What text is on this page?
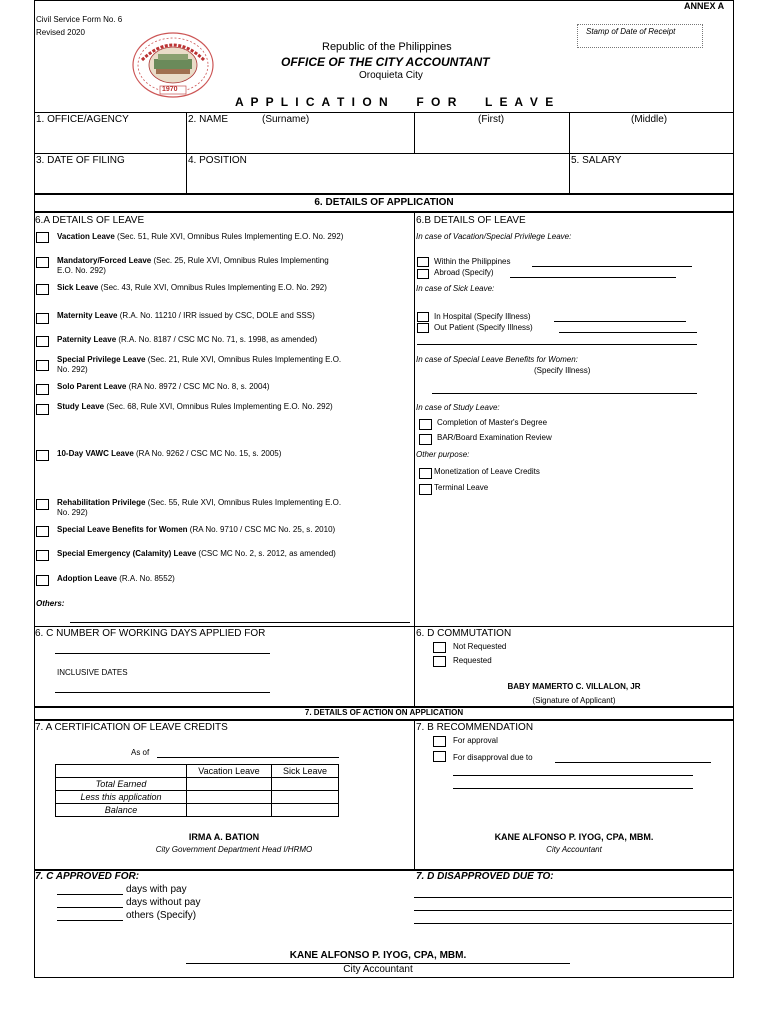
ANNEX A
Civil Service Form No. 6
Revised 2020	Stamp of Date of Receipt
1970
Republic of the Philippines
OFFICE OF THE CITY ACCOUNTANT
Oroquieta City
A P P L I C A T I O N     F O R     L E A V E
1. OFFICE/AGENCY	2. NAME	(Surname)	(First)	(Middle)
3. DATE OF FILING	4. POSITION	5. SALARY
6. DETAILS OF APPLICATION
6.A DETAILS OF LEAVE	6.B DETAILS OF LEAVE
Vacation Leave (Sec. 51, Rule XVI, Omnibus Rules Implementing E.O. No. 292)
Mandatory/Forced Leave (Sec. 25, Rule XVI, Omnibus Rules Implementing
E.O. No. 292)
Sick Leave (Sec. 43, Rule XVI, Omnibus Rules Implementing E.O. No. 292)
Maternity Leave (R.A. No. 11210 / IRR issued by CSC, DOLE and SSS)
Paternity Leave (R.A. No. 8187 / CSC MC No. 71, s. 1998, as amended)
Special Privilege Leave (Sec. 21, Rule XVI, Omnibus Rules Implementing E.O.
No. 292)
Solo Parent Leave (RA No. 8972 / CSC MC No. 8, s. 2004)
Study Leave (Sec. 68, Rule XVI, Omnibus Rules Implementing E.O. No. 292)
10-Day VAWC Leave (RA No. 9262 / CSC MC No. 15, s. 2005)
Rehabilitation Privilege (Sec. 55, Rule XVI, Omnibus Rules Implementing E.O.
No. 292)
Special Leave Benefits for Women (RA No. 9710 / CSC MC No. 25, s. 2010)
Special Emergency (Calamity) Leave (CSC MC No. 2, s. 2012, as amended)
Adoption Leave (R.A. No. 8552)
Others:
In case of Vacation/Special Privilege Leave:
Within the Philippines
Abroad (Specify)
In case of Sick Leave:
In Hospital (Specify Illness)
Out Patient (Specify Illness)
In case of Special Leave Benefits for Women:
(Specify Illness)
In case of Study Leave:
Completion of Master's Degree
BAR/Board Examination Review
Other purpose:
Monetization of Leave Credits
Terminal Leave
6. C NUMBER OF WORKING DAYS APPLIED FOR
INCLUSIVE DATES
6. D COMMUTATION
Not Requested
Requested
BABY MAMERTO C. VILLALON, JR
(Signature of Applicant)
7. DETAILS OF ACTION ON APPLICATION
7. A CERTIFICATION OF LEAVE CREDITS
As of
	Vacation Leave	Sick Leave
Total Earned		
Less this application		
Balance		
IRMA A. BATION
City Government Department Head I/HRMO
7. B RECOMMENDATION
For approval
For disapproval due to
KANE ALFONSO P. IYOG, CPA, MBM.
City Accountant
7. C APPROVED FOR:
days with pay
days without pay
others (Specify)
7. D DISAPPROVED DUE TO:
KANE ALFONSO P. IYOG, CPA, MBM.
City Accountant
